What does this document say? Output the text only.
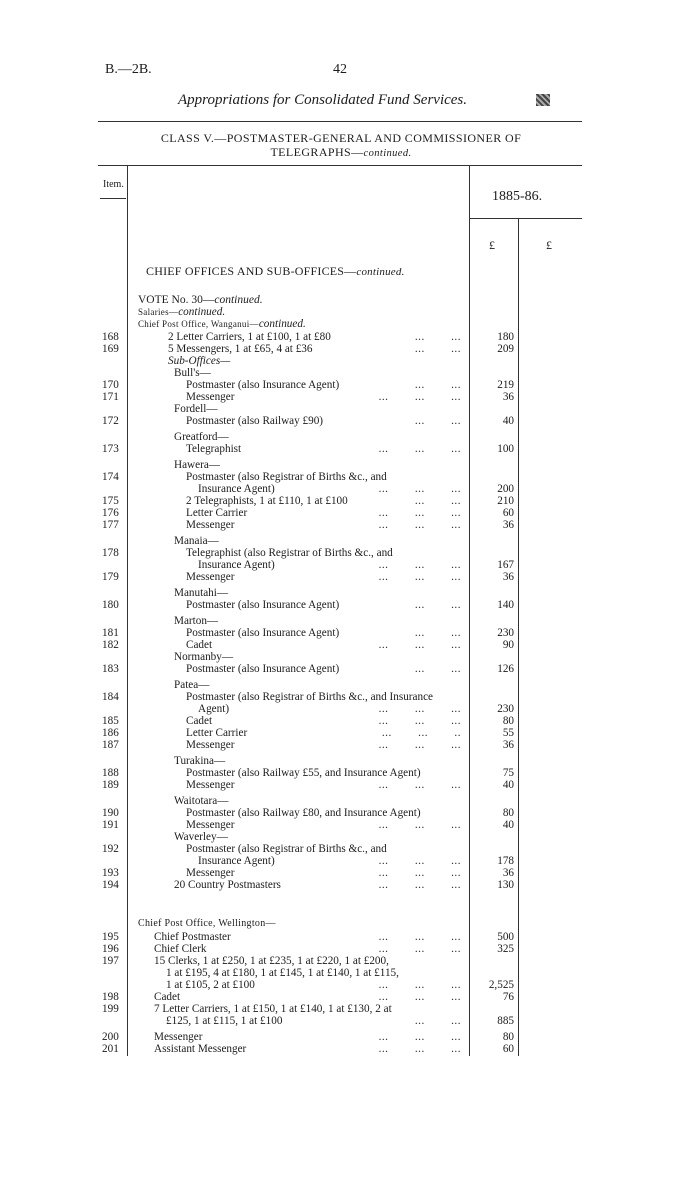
B.—2B.	42
Appropriations for Consolidated Fund Services.
CLASS V.—POSTMASTER-GENERAL AND COMMISSIONER OF
TELEGRAPHS—continued.
Item.
1885-86.
£	£
CHIEF OFFICES AND SUB-OFFICES—continued.
VOTE No. 30—continued.
Salaries—continued.
Chief Post Office, Wanganui—continued.
Chief Post Office, Wellington—
168	2 Letter Carriers, 1 at £100, 1 at £80	...        ...	180
169	5 Messengers, 1 at £65, 4 at £36	...        ...	209
Sub-Offices—
Bull's—
170	Postmaster (also Insurance Agent)	...        ...	219
171	Messenger	...        ...        ...	36
Fordell—
172	Postmaster (also Railway £90)	...        ...	40
Greatford—
173	Telegraphist	...        ...        ...	100
Hawera—
174	Postmaster (also Registrar of Births &c., and
Insurance Agent)	...        ...        ...	200
175	2 Telegraphists, 1 at £110, 1 at £100	...        ...	210
176	Letter Carrier	...        ...        ...	60
177	Messenger	...        ...        ...	36
Manaia—
178	Telegraphist (also Registrar of Births &c., and
Insurance Agent)	...        ...        ...	167
179	Messenger	...        ...        ...	36
Manutahi—
180	Postmaster (also Insurance Agent)	...        ...	140
Marton—
181	Postmaster (also Insurance Agent)	...        ...	230
182	Cadet	...        ...        ...	90
Normanby—
183	Postmaster (also Insurance Agent)	...        ...	126
Patea—
184	Postmaster (also Registrar of Births &c., and Insurance
Agent)	...        ...        ...	230
185	Cadet	...        ...        ...	80
186	Letter Carrier	...        ...        ..	55
187	Messenger	...        ...        ...	36
Turakina—
188	Postmaster (also Railway £55, and Insurance Agent)	75
189	Messenger	...        ...        ...	40
Waitotara—
190	Postmaster (also Railway £80, and Insurance Agent)	80
191	Messenger	...        ...        ...	40
Waverley—
192	Postmaster (also Registrar of Births &c., and
Insurance Agent)	...        ...        ...	178
193	Messenger	...        ...        ...	36
194	20 Country Postmasters	...        ...        ...	130
195	Chief Postmaster	...        ...        ...	500
196	Chief Clerk	...        ...        ...	325
197	15 Clerks, 1 at £250, 1 at £235, 1 at £220, 1 at £200,
1 at £195, 4 at £180, 1 at £145, 1 at £140, 1 at £115,
1 at £105, 2 at £100	...        ...        ...	2,525
198	Cadet	...        ...        ...	76
199	7 Letter Carriers, 1 at £150, 1 at £140, 1 at £130, 2 at
£125, 1 at £115, 1 at £100	...        ...	885
200	Messenger	...        ...        ...	80
201	Assistant Messenger	...        ...        ...	60
